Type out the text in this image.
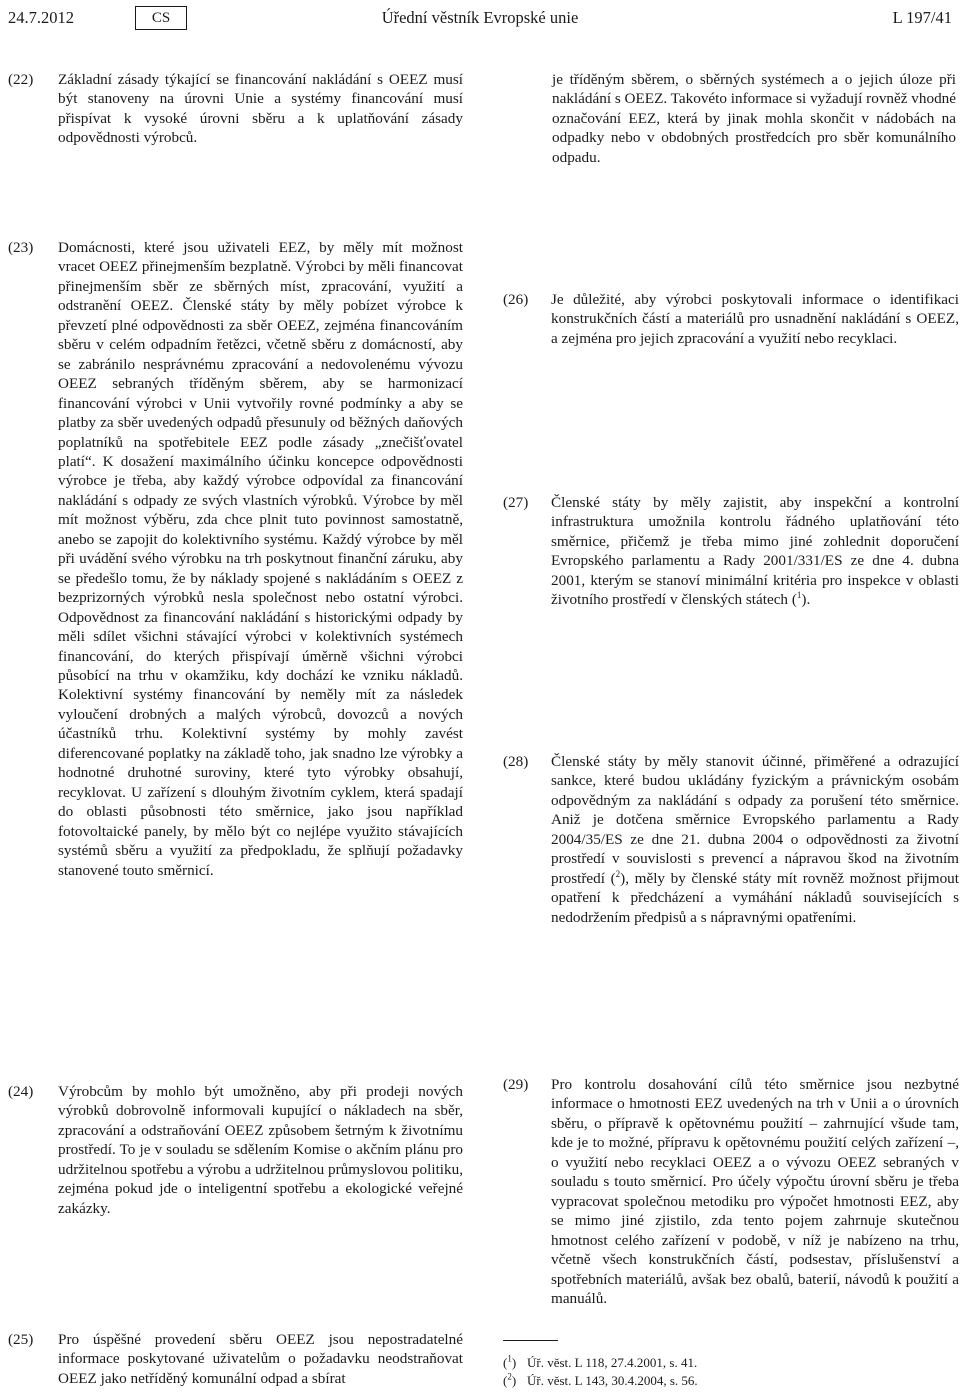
24.7.2012	CS	Úřední věstník Evropské unie	L 197/41
(22) Základní zásady týkající se financování nakládání s OEEZ musí být stanoveny na úrovni Unie a systémy financování musí přispívat k vysoké úrovni sběru a k uplatňování zásady odpovědnosti výrobců.
(23) Domácnosti, které jsou uživateli EEZ, by měly mít možnost vracet OEEZ přinejmenším bezplatně. Výrobci by měli financovat přinejmenším sběr ze sběrných míst, zpracování, využití a odstranění OEEZ. Členské státy by měly pobízet výrobce k převzetí plné odpovědnosti za sběr OEEZ, zejména financováním sběru v celém odpadním řetězci, včetně sběru z domácností, aby se zabránilo nesprávnému zpracování a nedovolenému vývozu OEEZ sebraných tříděným sběrem, aby se harmonizací financování výrobci v Unii vytvořily rovné podmínky a aby se platby za sběr uvedených odpadů přesunuly od běžných daňových poplatníků na spotřebitele EEZ podle zásady „znečišťovatel platí“. K dosažení maximálního účinku koncepce odpovědnosti výrobce je třeba, aby každý výrobce odpovídal za financování nakládání s odpady ze svých vlastních výrobků. Výrobce by měl mít možnost výběru, zda chce plnit tuto povinnost samostatně, anebo se zapojit do kolektivního systému. Každý výrobce by měl při uvádění svého výrobku na trh poskytnout finanční záruku, aby se předešlo tomu, že by náklady spojené s nakládáním s OEEZ z bezprizorných výrobků nesla společnost nebo ostatní výrobci. Odpovědnost za financování nakládání s historickými odpady by měli sdílet všichni stávající výrobci v kolektivních systémech financování, do kterých přispívají úměrně všichni výrobci působící na trhu v okamžiku, kdy dochází ke vzniku nákladů. Kolektivní systémy financování by neměly mít za následek vyloučení drobných a malých výrobců, dovozců a nových účastníků trhu. Kolektivní systémy by mohly zavést diferencované poplatky na základě toho, jak snadno lze výrobky a hodnotné druhotné suroviny, které tyto výrobky obsahují, recyklovat. U zařízení s dlouhým životním cyklem, která spadají do oblasti působnosti této směrnice, jako jsou například fotovoltaické panely, by mělo být co nejlépe využito stávajících systémů sběru a využití za předpokladu, že splňují požadavky stanovené touto směrnicí.
(24) Výrobcům by mohlo být umožněno, aby při prodeji nových výrobků dobrovolně informovali kupující o nákladech na sběr, zpracování a odstraňování OEEZ způsobem šetrným k životnímu prostředí. To je v souladu se sdělením Komise o akčním plánu pro udržitelnou spotřebu a výrobu a udržitelnou průmyslovou politiku, zejména pokud jde o inteligentní spotřebu a ekologické veřejné zakázky.
(25) Pro úspěšné provedení sběru OEEZ jsou nepostradatelné informace poskytované uživatelům o požadavku neodstraňovat OEEZ jako netříděný komunální odpad a sbírat
je tříděným sběrem, o sběrných systémech a o jejich úloze při nakládání s OEEZ. Takovéto informace si vyžadují rovněž vhodné označování EEZ, která by jinak mohla skončit v nádobách na odpadky nebo v obdobných prostředcích pro sběr komunálního odpadu.
(26) Je důležité, aby výrobci poskytovali informace o identifikaci konstrukčních částí a materiálů pro usnadnění nakládání s OEEZ, a zejména pro jejich zpracování a využití nebo recyklaci.
(27) Členské státy by měly zajistit, aby inspekční a kontrolní infrastruktura umožnila kontrolu řádného uplatňování této směrnice, přičemž je třeba mimo jiné zohlednit doporučení Evropského parlamentu a Rady 2001/331/ES ze dne 4. dubna 2001, kterým se stanoví minimální kritéria pro inspekce v oblasti životního prostředí v členských státech ($^1$).
(28) Členské státy by měly stanovit účinné, přiměřené a odrazující sankce, které budou ukládány fyzickým a právnickým osobám odpovědným za nakládání s odpady za porušení této směrnice. Aniž je dotčena směrnice Evropského parlamentu a Rady 2004/35/ES ze dne 21. dubna 2004 o odpovědnosti za životní prostředí v souvislosti s prevencí a nápravou škod na životním prostředí ($^2$), měly by členské státy mít rovněž možnost přijmout opatření k předcházení a vymáhání nákladů souvisejících s nedodržením předpisů a s nápravnými opatřeními.
(29) Pro kontrolu dosahování cílů této směrnice jsou nezbytné informace o hmotnosti EEZ uvedených na trh v Unii a o úrovních sběru, o přípravě k opětovnému použití – zahrnující všude tam, kde je to možné, přípravu k opětovnému použití celých zařízení –, o využití nebo recyklaci OEEZ a o vývozu OEEZ sebraných v souladu s touto směrnicí. Pro účely výpočtu úrovní sběru je třeba vypracovat společnou metodiku pro výpočet hmotnosti EEZ, aby se mimo jiné zjistilo, zda tento pojem zahrnuje skutečnou hmotnost celého zařízení v podobě, v níž je nabízeno na trhu, včetně všech konstrukčních částí, podsestav, příslušenství a spotřebních materiálů, avšak bez obalů, baterií, návodů k použití a manuálů.
($^1$) Úř. věst. L 118, 27.4.2001, s. 41.
($^2$) Úř. věst. L 143, 30.4.2004, s. 56.
